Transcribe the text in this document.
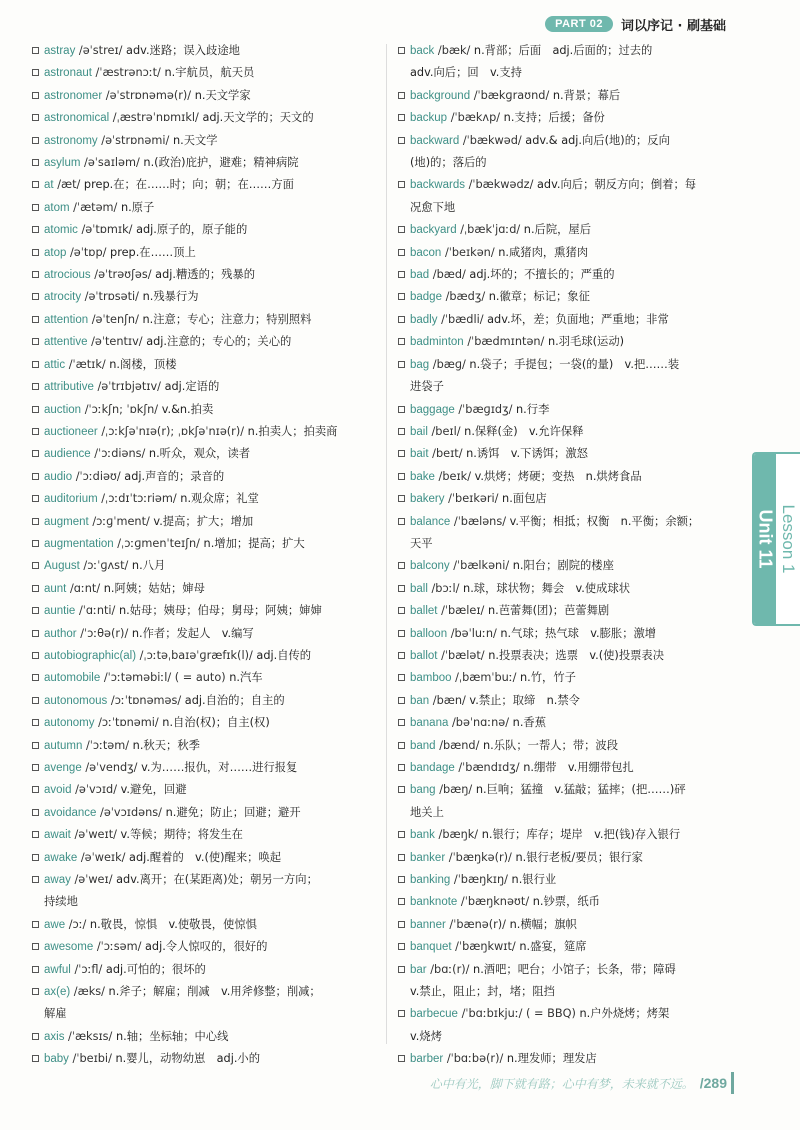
PART 02	词以序记 · 刷基础
astray /əˈstreɪ/ adv.迷路；误入歧途地
astronaut /ˈæstrənɔːt/ n.宇航员，航天员
astronomer /əˈstrɒnəmə(r)/ n.天文学家
astronomical /ˌæstrəˈnɒmɪkl/ adj.天文学的；天文的
astronomy /əˈstrɒnəmi/ n.天文学
asylum /əˈsaɪləm/ n.(政治)庇护，避难；精神病院
at /æt/ prep.在；在……时；向；朝；在……方面
atom /ˈætəm/ n.原子
atomic /əˈtɒmɪk/ adj.原子的，原子能的
atop /əˈtɒp/ prep.在……顶上
atrocious /əˈtrəʊʃəs/ adj.糟透的；残暴的
atrocity /əˈtrɒsəti/ n.残暴行为
attention /əˈtenʃn/ n.注意；专心；注意力；特别照料
attentive /əˈtentɪv/ adj.注意的；专心的；关心的
attic /ˈætɪk/ n.阁楼，顶楼
attributive /əˈtrɪbjətɪv/ adj.定语的
auction /ˈɔːkʃn; ˈɒkʃn/ v.&n.拍卖
auctioneer /ˌɔːkʃəˈnɪə(r); ˌɒkʃəˈnɪə(r)/ n.拍卖人；拍卖商
audience /ˈɔːdiəns/ n.听众，观众，读者
audio /ˈɔːdiəʊ/ adj.声音的；录音的
auditorium /ˌɔːdɪˈtɔːriəm/ n.观众席；礼堂
augment /ɔːɡˈment/ v.提高；扩大；增加
augmentation /ˌɔːɡmenˈteɪʃn/ n.增加；提高；扩大
August /ɔːˈɡʌst/ n.八月
aunt /ɑːnt/ n.阿姨；姑姑；婶母
auntie /ˈɑːnti/ n.姑母；姨母；伯母；舅母；阿姨；婶婶
author /ˈɔːθə(r)/ n.作者；发起人　v.编写
autobiographic(al) /ˌɔːtəˌbaɪəˈɡræfɪk(l)/ adj.自传的
automobile /ˈɔːtəməbiːl/ ( = auto) n.汽车
autonomous /ɔːˈtɒnəməs/ adj.自治的；自主的
autonomy /ɔːˈtɒnəmi/ n.自治(权)；自主(权)
autumn /ˈɔːtəm/ n.秋天；秋季
avenge /əˈvendʒ/ v.为……报仇，对……进行报复
avoid /əˈvɔɪd/ v.避免，回避
avoidance /əˈvɔɪdəns/ n.避免；防止；回避；避开
await /əˈweɪt/ v.等候；期待；将发生在
awake /əˈweɪk/ adj.醒着的　v.(使)醒来；唤起
away /əˈweɪ/ adv.离开；在(某距离)处；朝另一方向；
持续地
awe /ɔː/ n.敬畏，惊惧　v.使敬畏，使惊惧
awesome /ˈɔːsəm/ adj.令人惊叹的，很好的
awful /ˈɔːfl/ adj.可怕的；很坏的
ax(e) /æks/ n.斧子；解雇；削减　v.用斧修整；削减；
解雇
axis /ˈæksɪs/ n.轴；坐标轴；中心线
baby /ˈbeɪbi/ n.婴儿，动物幼崽　adj.小的
back /bæk/ n.背部；后面　adj.后面的；过去的
adv.向后；回　v.支持
background /ˈbækɡraʊnd/ n.背景；幕后
backup /ˈbækʌp/ n.支持；后援；备份
backward /ˈbækwəd/ adv.& adj.向后(地)的；反向
(地)的；落后的
backwards /ˈbækwədz/ adv.向后；朝反方向；倒着；每
况愈下地
backyard /ˌbækˈjɑːd/ n.后院，屋后
bacon /ˈbeɪkən/ n.咸猪肉，熏猪肉
bad /bæd/ adj.坏的；不擅长的；严重的
badge /bædʒ/ n.徽章；标记；象征
badly /ˈbædli/ adv.坏，差；负面地；严重地；非常
badminton /ˈbædmɪntən/ n.羽毛球(运动)
bag /bæɡ/ n.袋子；手提包；一袋(的量)　v.把……装
进袋子
baggage /ˈbæɡɪdʒ/ n.行李
bail /beɪl/ n.保释(金)　v.允许保释
bait /beɪt/ n.诱饵　v.下诱饵；激怒
bake /beɪk/ v.烘烤；烤硬；变热　n.烘烤食品
bakery /ˈbeɪkəri/ n.面包店
balance /ˈbæləns/ v.平衡；相抵；权衡　n.平衡；余额；
天平
balcony /ˈbælkəni/ n.阳台；剧院的楼座
ball /bɔːl/ n.球，球状物；舞会　v.使成球状
ballet /ˈbæleɪ/ n.芭蕾舞(团)；芭蕾舞剧
balloon /bəˈluːn/ n.气球；热气球　v.膨胀；激增
ballot /ˈbælət/ n.投票表决；选票　v.(使)投票表决
bamboo /ˌbæmˈbuː/ n.竹，竹子
ban /bæn/ v.禁止；取缔　n.禁令
banana /bəˈnɑːnə/ n.香蕉
band /bænd/ n.乐队；一帮人；带；波段
bandage /ˈbændɪdʒ/ n.绷带　v.用绷带包扎
bang /bæŋ/ n.巨响；猛撞　v.猛敲；猛摔；(把……)砰
地关上
bank /bæŋk/ n.银行；库存；堤岸　v.把(钱)存入银行
banker /ˈbæŋkə(r)/ n.银行老板/要员；银行家
banking /ˈbæŋkɪŋ/ n.银行业
banknote /ˈbæŋknəʊt/ n.钞票，纸币
banner /ˈbænə(r)/ n.横幅；旗帜
banquet /ˈbæŋkwɪt/ n.盛宴，筵席
bar /bɑː(r)/ n.酒吧；吧台；小馆子；长条，带；障碍
v.禁止，阻止；封，堵；阻挡
barbecue /ˈbɑːbɪkjuː/ ( = BBQ) n.户外烧烤；烤架
v.烧烤
barber /ˈbɑːbə(r)/ n.理发师；理发店
Unit 11 Lesson 1
心中有光，脚下就有路；心中有梦，未来就不远。 /289
